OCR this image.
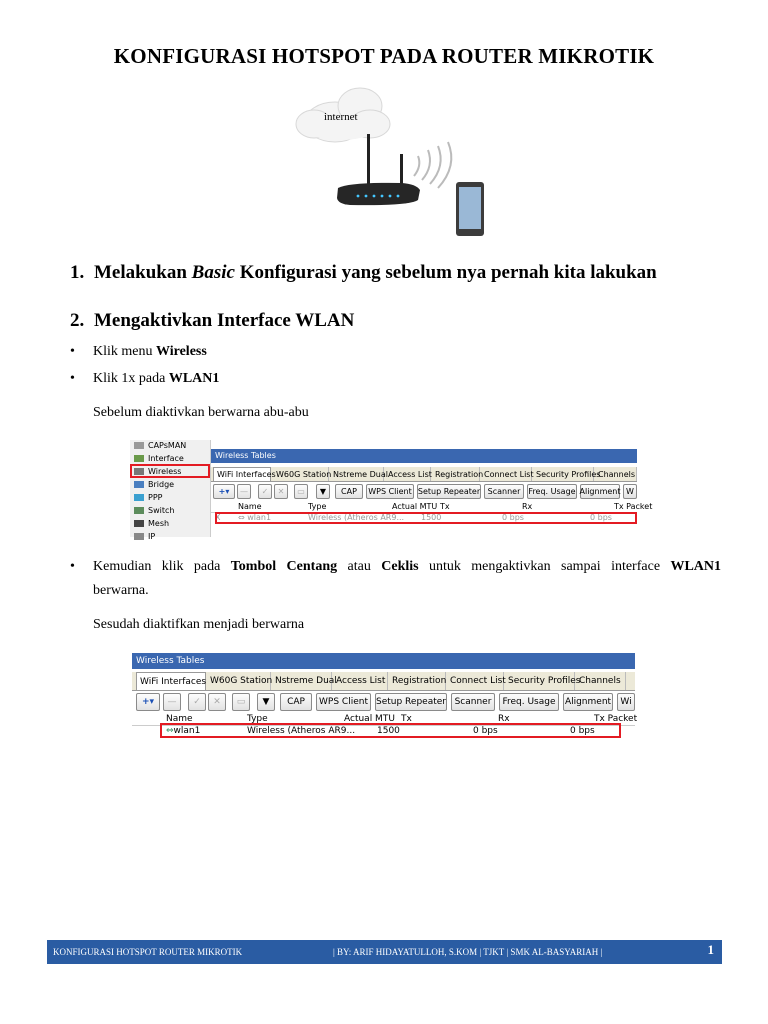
KONFIGURASI HOTSPOT PADA ROUTER MIKROTIK
internet
1. Melakukan Basic Konfigurasi yang sebelum nya pernah kita lakukan
2. Mengaktivkan Interface WLAN
• Klik menu Wireless
• Klik 1x pada WLAN1
Sebelum diaktivkan berwarna abu-abu
CAPsMAN
Interface
Wireless
Bridge
PPP
Switch
Mesh
IP
Wireless Tables
WiFi Interfaces W60G Station Nstreme Dual Access List Registration Connect List Security Profiles
Channels
+▾ — ✓ ✕ ▭ ▼	CAP	WPS Client Setup Repeater Scanner	Freq. Usage Alignment W
Name	Type	Actual MTU Tx	Rx	Tx Packet
X ⇔ wlan1	Wireless (Atheros AR9... 1500	0 bps	0 bps
•	Kemudian klik pada Tombol Centang atau Ceklis untuk mengaktivkan sampai interface WLAN1
berwarna.
Sesudah diaktifkan menjadi berwarna
Wireless Tables
WiFi Interfaces W60G Station Nstreme Dual Access List Registration Connect List Security Profiles
Channels
+▾ — ✓ ✕ ▭ ▼	CAP	WPS Client Setup Repeater Scanner	Freq. Usage	Alignment	Wi
Name	Type	Actual MTU Tx	Rx	Tx Packet
⇔wlan1	Wireless (Atheros AR9... 1500	0 bps	0 bps
KONFIGURASI HOTSPOT ROUTER MIKROTIK	| BY: ARIF HIDAYATULLOH, S.KOM | TJKT | SMK AL-BASYARIAH |	1
